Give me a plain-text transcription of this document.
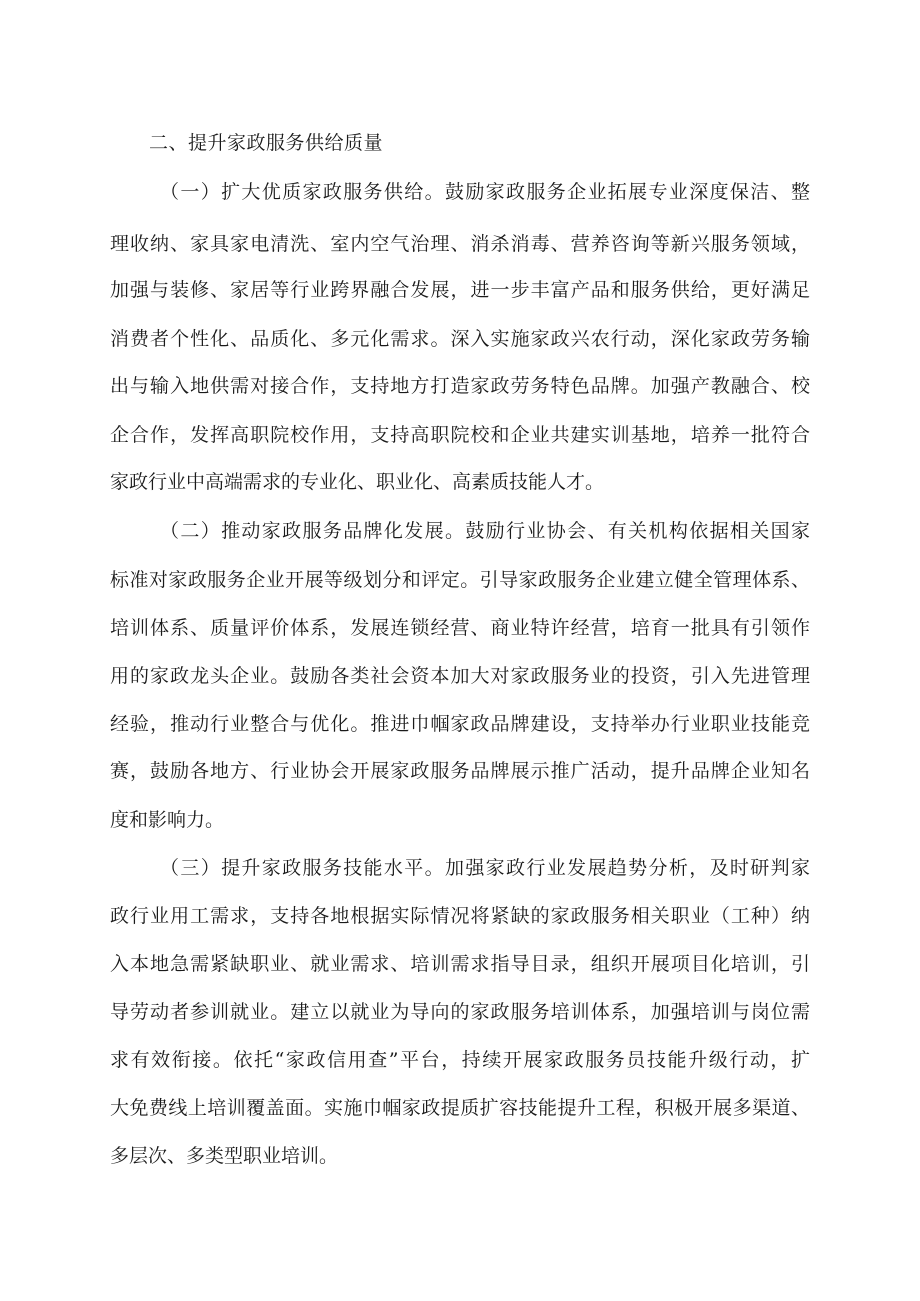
二、提升家政服务供给质量
（一）扩大优质家政服务供给。鼓励家政服务企业拓展专业深度保洁、整
理收纳、家具家电清洗、室内空气治理、消杀消毒、营养咨询等新兴服务领域，
加强与装修、家居等行业跨界融合发展，进一步丰富产品和服务供给，更好满足
消费者个性化、品质化、多元化需求。深入实施家政兴农行动，深化家政劳务输
出与输入地供需对接合作，支持地方打造家政劳务特色品牌。加强产教融合、校
企合作，发挥高职院校作用，支持高职院校和企业共建实训基地，培养一批符合
家政行业中高端需求的专业化、职业化、高素质技能人才。
（二）推动家政服务品牌化发展。鼓励行业协会、有关机构依据相关国家
标准对家政服务企业开展等级划分和评定。引导家政服务企业建立健全管理体系、
培训体系、质量评价体系，发展连锁经营、商业特许经营，培育一批具有引领作
用的家政龙头企业。鼓励各类社会资本加大对家政服务业的投资，引入先进管理
经验，推动行业整合与优化。推进巾帼家政品牌建设，支持举办行业职业技能竞
赛，鼓励各地方、行业协会开展家政服务品牌展示推广活动，提升品牌企业知名
度和影响力。
（三）提升家政服务技能水平。加强家政行业发展趋势分析，及时研判家
政行业用工需求，支持各地根据实际情况将紧缺的家政服务相关职业（工种）纳
入本地急需紧缺职业、就业需求、培训需求指导目录，组织开展项目化培训，引
导劳动者参训就业。建立以就业为导向的家政服务培训体系，加强培训与岗位需
求有效衔接。依托“家政信用查”平台，持续开展家政服务员技能升级行动，扩
大免费线上培训覆盖面。实施巾帼家政提质扩容技能提升工程，积极开展多渠道、
多层次、多类型职业培训。
